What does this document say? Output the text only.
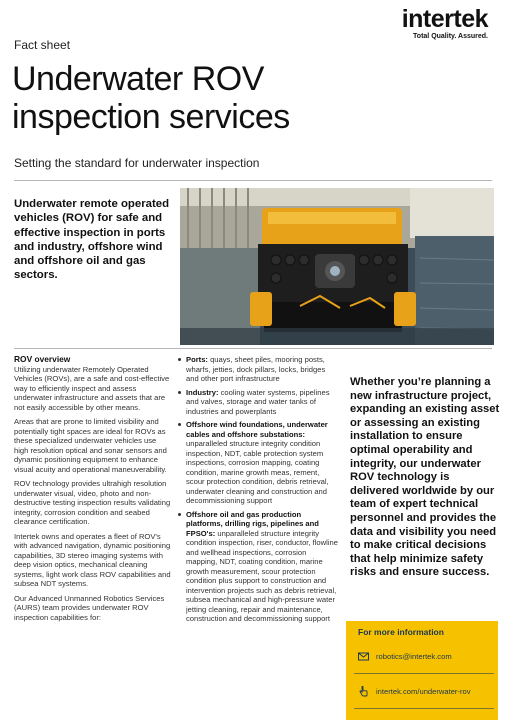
intertek
Total Quality. Assured.
Fact sheet
Underwater ROV inspection services
Setting the standard for underwater inspection
Underwater remote operated vehicles (ROV) for safe and effective inspection in ports and industry, offshore wind and offshore oil and gas sectors.
ROV overview

Utilizing underwater Remotely Operated Vehicles (ROVs), are a safe and cost-effective way to efficiently inspect and assess underwater infrastructure and assets that are not easily accessible by other means.

Areas that are prone to limited visibility and potentially tight spaces are ideal for ROVs as these specialized underwater vehicles use high resolution optical and sonar sensors and dynamic positioning equipment to enhance visual acuity and operational maneuverability.

ROV technology provides ultrahigh resolution underwater visual, video, photo and non-destructive testing inspection results validating integrity, corrosion condition and seabed clearance certification.

Intertek owns and operates a fleet of ROV's with advanced navigation, dynamic positioning capabilities, 3D stereo imaging systems with deep vision optics, mechanical cleaning systems, light work class ROV capabilities and subsea NDT systems.

Our Advanced Unmanned Robotics Services (AURS) team provides underwater ROV inspection capabilities for:

Ports: quays, sheet piles, mooring posts, wharfs, jetties, dock pillars, locks, bridges and other port infrastructure
Industry: cooling water systems, pipelines and valves, storage and water tanks of industries and powerplants
Offshore wind foundations, underwater cables and offshore substations: unparalleled structure integrity condition inspection, NDT, cable protection system inspections, corrosion mapping, coating condition, marine growth meas, rement, scour protection condition, debris retrieval, underwater cleaning and construction and decommissioning support
Offshore oil and gas production platforms, drilling rigs, pipelines and FPSO's: unparalleled structure integrity condition inspection, riser, conductor, flowline and wellhead inspections, corrosion mapping, NDT, coating condition, marine growth measurement, scour protection condition plus support to construction and intervention projects such as debris retrieval, subsea mechanical and high-pressure water jetting cleaning, repair and maintenance, construction and decommissioning support
Whether you’re planning a new infrastructure project, expanding an existing asset or assessing an existing installation to ensure optimal operability and integrity, our underwater ROV technology is delivered worldwide by our team of expert technical personnel and provides the data and visibility you need to make critical decisions that help minimize safety risks and ensure success.
For more information
robotics@intertek.com
intertek.com/underwater-rov
